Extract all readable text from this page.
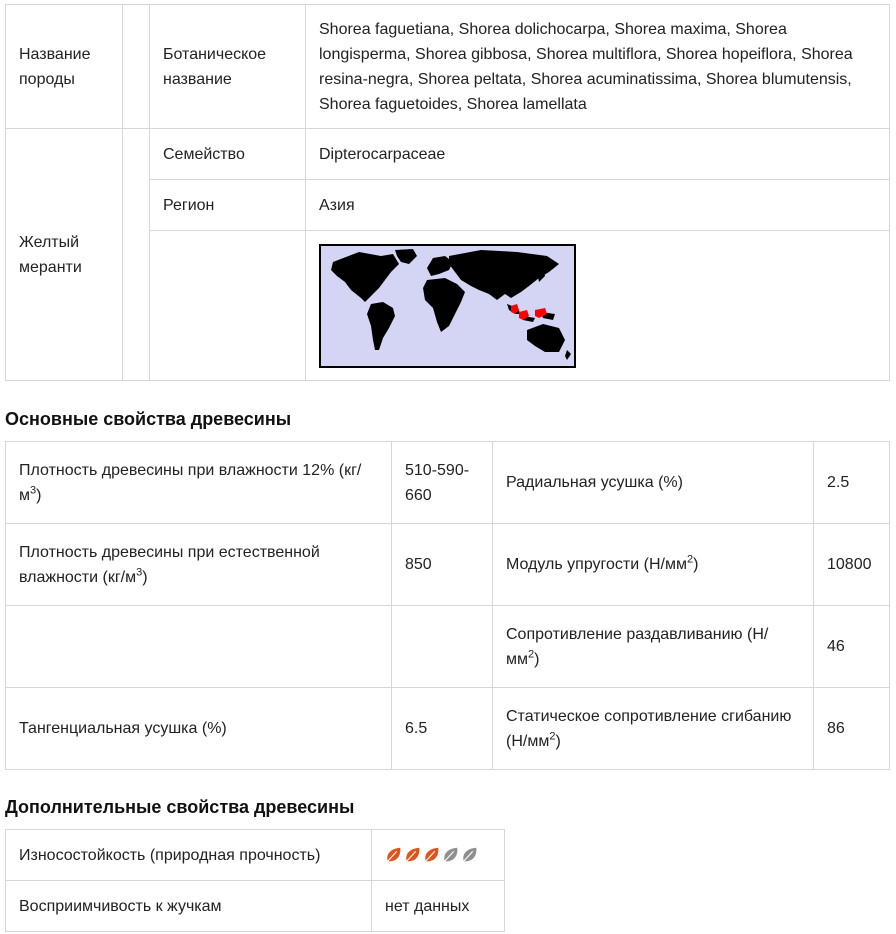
Название породы		Ботаническое название	Shorea faguetiana, Shorea dolichocarpa, Shorea maxima, Shorea longisperma, Shorea gibbosa, Shorea multiflora, Shorea hopeiflora, Shorea resina-negra, Shorea peltata, Shorea acuminatissima, Shorea blumutensis, Shorea faguetoides, Shorea lamellata
Желтый меранти		Семейство	Dipterocarpaceae
		Регион	Азия

Основные свойства древесины
Плотность древесины при влажности 12% $(кг/м^3)$	510-590-660	Радиальная усушка (%)	2.5
Плотность древесины при естественной влажности $(кг/м^3)$	850	Модуль упругости $(Н/мм^2)$	10800
		Сопротивление раздавливанию $(Н/мм^2)$	46
Тангенциальная усушка (%)	6.5	Статическое сопротивление сгибанию $(Н/мм^2)$	86
Дополнительные свойства древесины
Износостойкость (природная прочность)	
Восприимчивость к жучкам	нет данных
